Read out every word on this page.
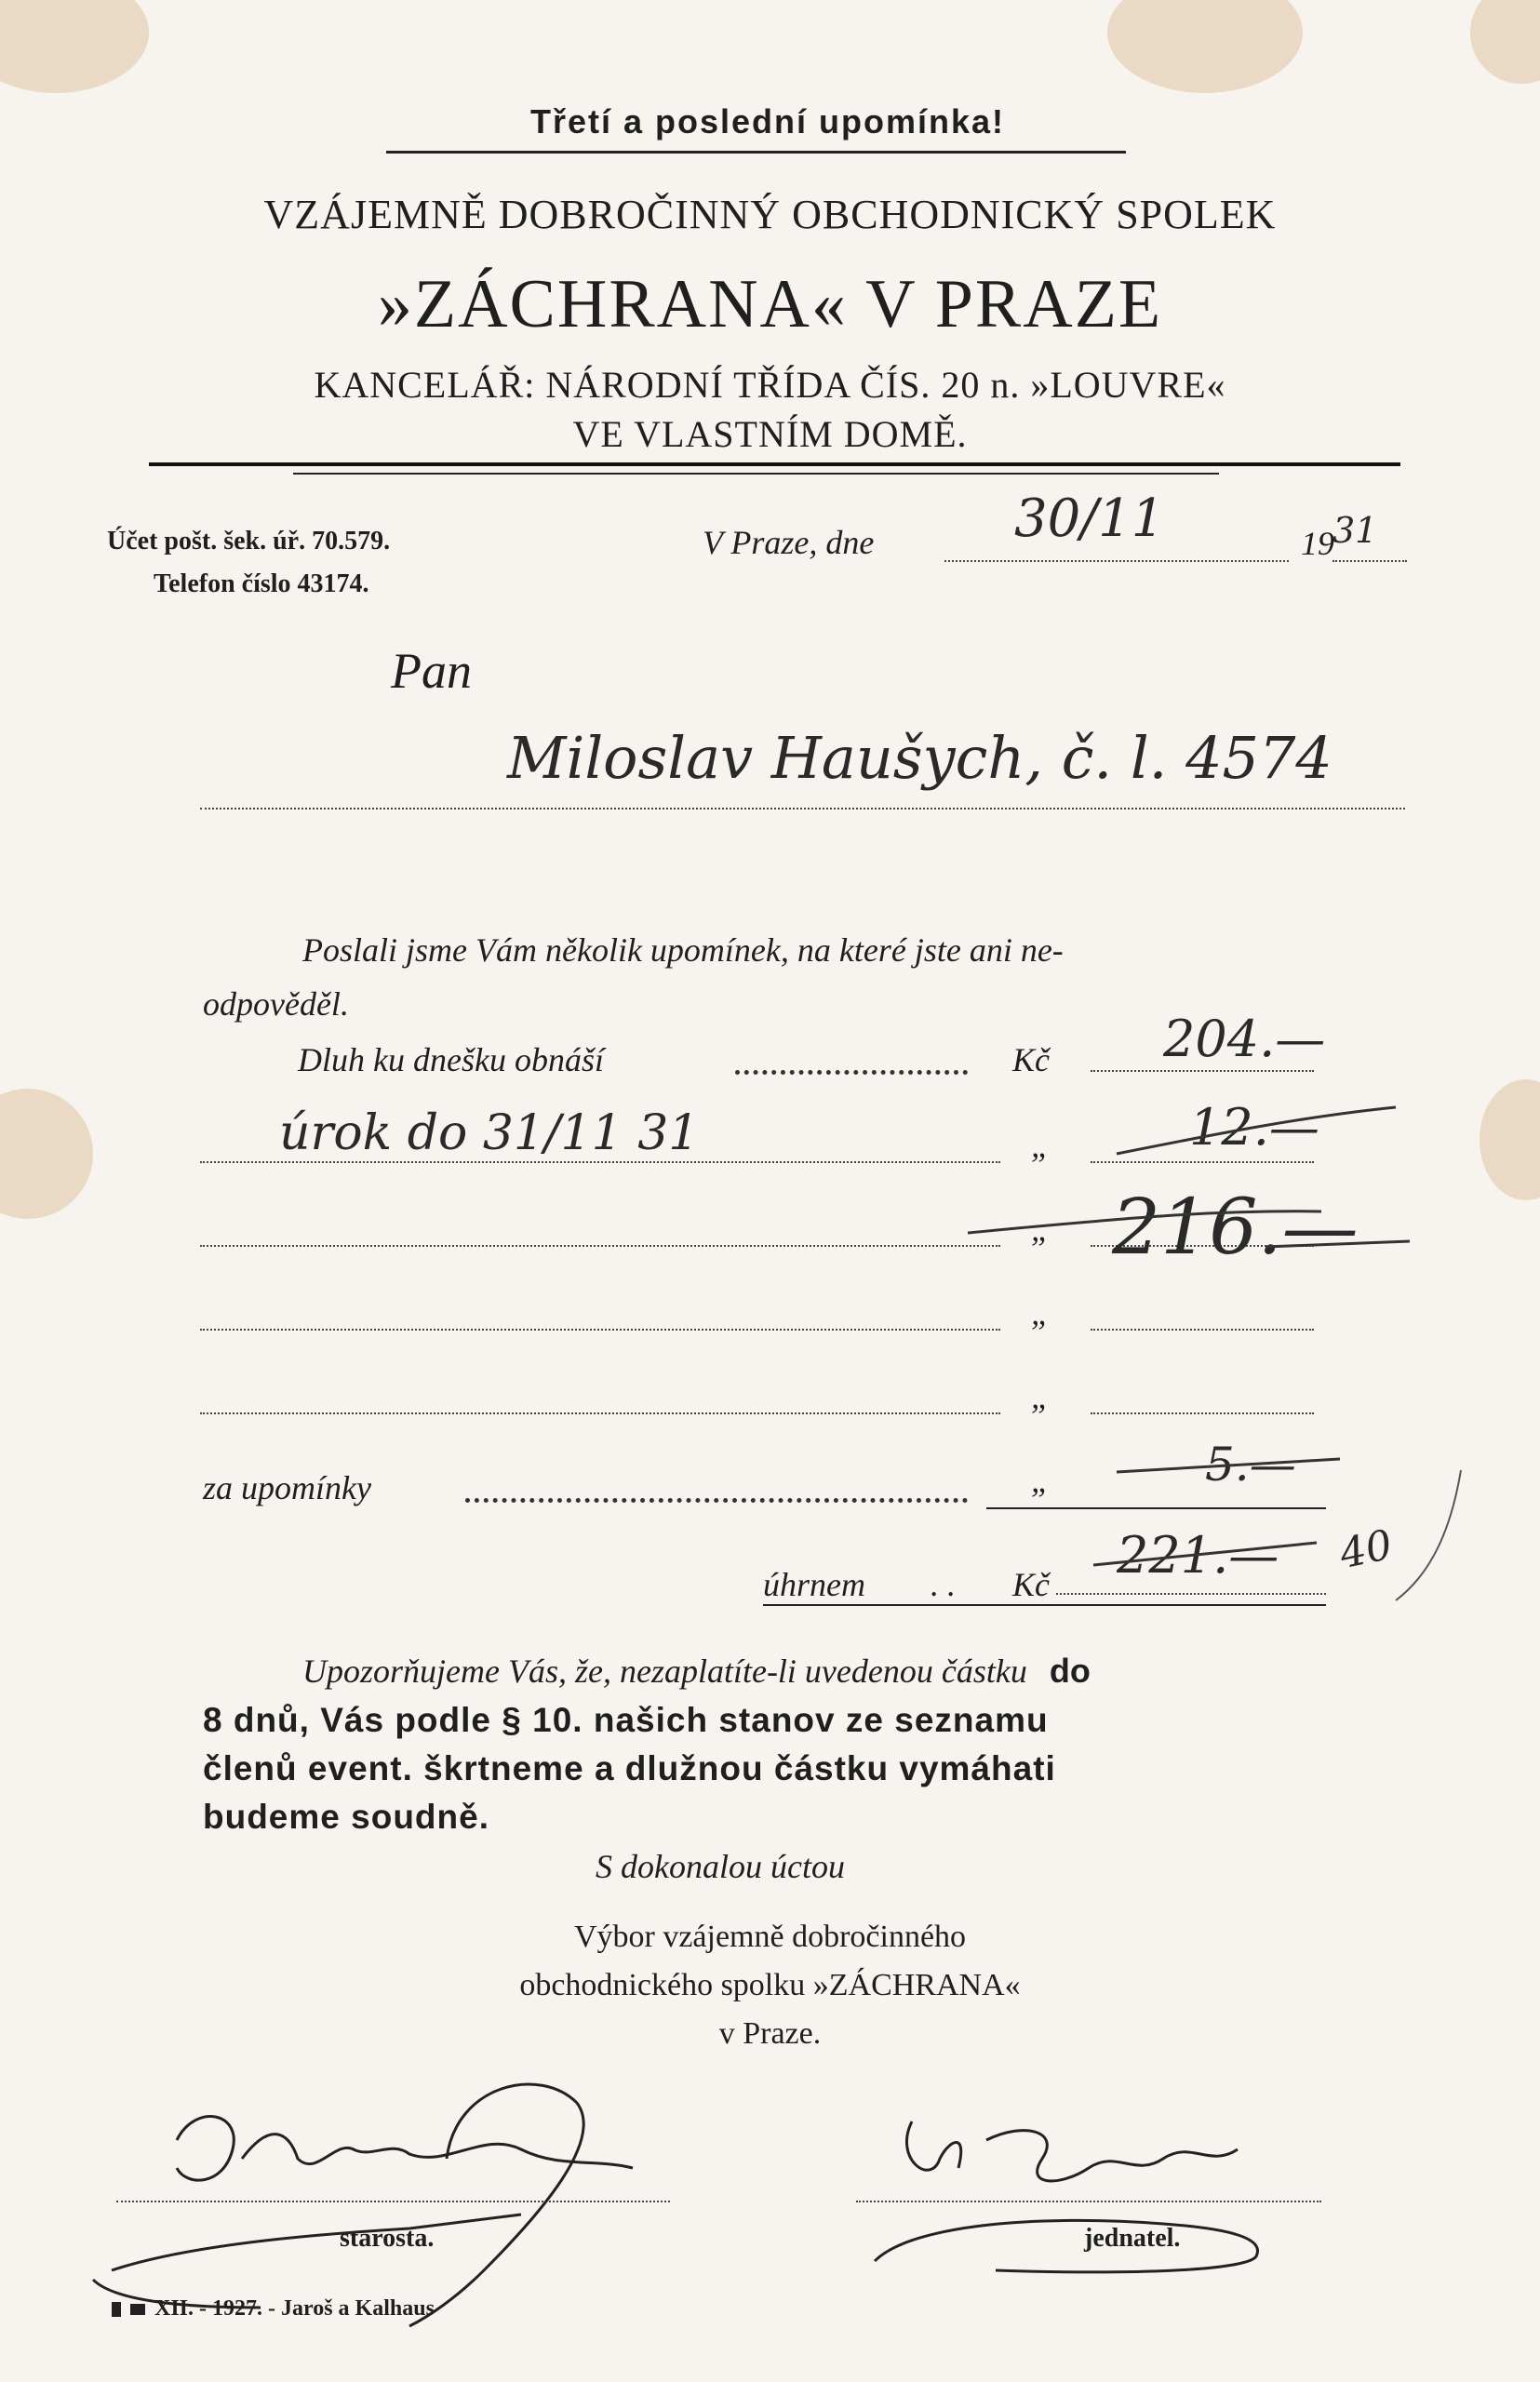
Třetí a poslední upomínka!
VZÁJEMNĚ DOBROČINNÝ OBCHODNICKÝ SPOLEK
»ZÁCHRANA« V PRAZE
KANCELÁŘ: NÁRODNÍ TŘÍDA ČÍS. 20 n. »LOUVRE«
VE VLASTNÍM DOMĚ.
Účet pošt. šek. úř. 70.579.
Telefon číslo 43174.
V Praze, dne	30/11	19
31
Pan
Miloslav Haušych, č. l. 4574
Poslali jsme Vám několik upomínek, na které jste ani ne-
odpověděl.
Dluh ku dnešku obnáší	Kč 204.—
úrok do 31/11 31	„	12.—
„ 216.—
„
„
za upomínky	„	5.—
úhrnem . . Kč 221.— 40
Upozorňujeme Vás, že, nezaplatíte-li uvedenou částku do
8 dnů, Vás podle § 10. našich stanov ze seznamu
členů event. škrtneme a dlužnou částku vymáhati
budeme soudně.
S dokonalou úctou
Výbor vzájemně dobročinného
obchodnického spolku »ZÁCHRANA«
v Praze.
starosta.	jednatel.
XII. - 1927. - Jaroš a Kalhaus
